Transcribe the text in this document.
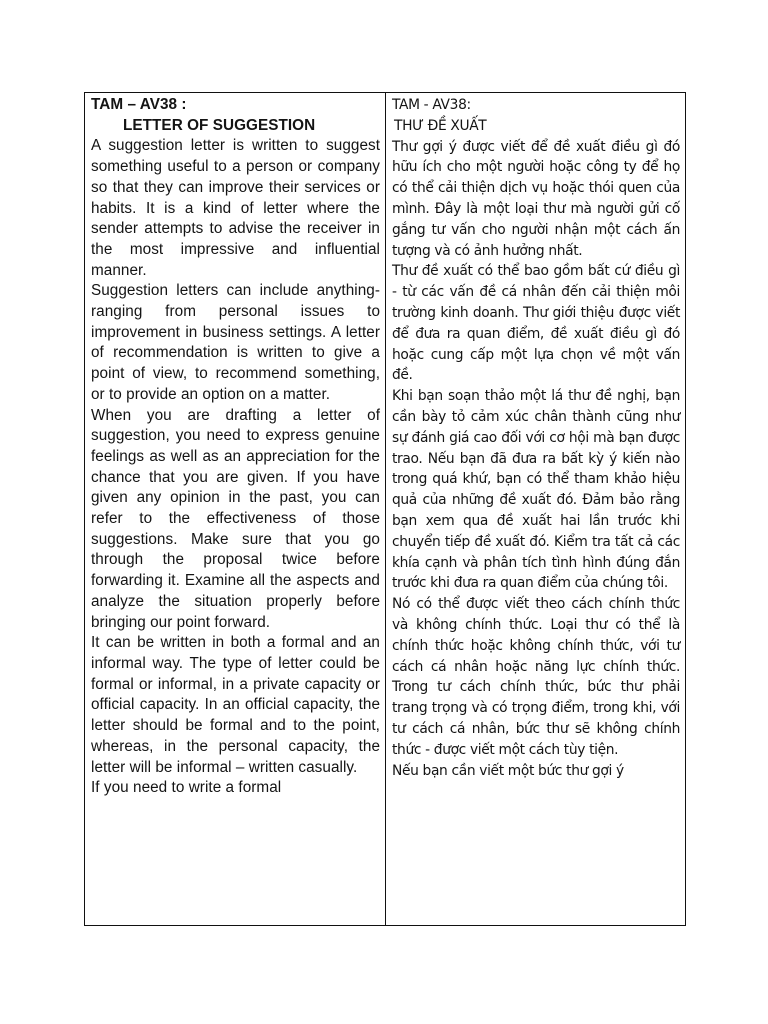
TAM – AV38 :

LETTER OF SUGGESTION

A suggestion letter is written to suggest something useful to a person or company so that they can improve their services or habits. It is a kind of letter where the sender attempts to advise the receiver in the most impressive and influential manner.

Suggestion letters can include anything- ranging from personal issues to improvement in business settings. A letter of recommendation is written to give a point of view, to recommend something, or to provide an option on a matter.

When you are drafting a letter of suggestion, you need to express genuine feelings as well as an appreciation for the chance that you are given. If you have given any opinion in the past, you can refer to the effectiveness of those suggestions. Make sure that you go through the proposal twice before forwarding it. Examine all the aspects and analyze the situation properly before bringing our point forward.

It can be written in both a formal and an informal way. The type of letter could be formal or informal, in a private capacity or official capacity. In an official capacity, the letter should be formal and to the point, whereas, in the personal capacity, the letter will be informal – written casually.

If you need to write a formal

TAM - AV38:

THƯ ĐỀ XUẤT

Thư gợi ý được viết để đề xuất điều gì đó hữu ích cho một người hoặc công ty để họ có thể cải thiện dịch vụ hoặc thói quen của mình. Đây là một loại thư mà người gửi cố gắng tư vấn cho người nhận một cách ấn tượng và có ảnh hưởng nhất.

Thư đề xuất có thể bao gồm bất cứ điều gì - từ các vấn đề cá nhân đến cải thiện môi trường kinh doanh. Thư giới thiệu được viết để đưa ra quan điểm, đề xuất điều gì đó hoặc cung cấp một lựa chọn về một vấn đề.

Khi bạn soạn thảo một lá thư đề nghị, bạn cần bày tỏ cảm xúc chân thành cũng như sự đánh giá cao đối với cơ hội mà bạn được trao. Nếu bạn đã đưa ra bất kỳ ý kiến nào trong quá khứ, bạn có thể tham khảo hiệu quả của những đề xuất đó. Đảm bảo rằng bạn xem qua đề xuất hai lần trước khi chuyển tiếp đề xuất đó. Kiểm tra tất cả các khía cạnh và phân tích tình hình đúng đắn trước khi đưa ra quan điểm của chúng tôi.

Nó có thể được viết theo cách chính thức và không chính thức. Loại thư có thể là chính thức hoặc không chính thức, với tư cách cá nhân hoặc năng lực chính thức. Trong tư cách chính thức, bức thư phải trang trọng và có trọng điểm, trong khi, với tư cách cá nhân, bức thư sẽ không chính thức - được viết một cách tùy tiện.

Nếu bạn cần viết một bức thư gợi ý
